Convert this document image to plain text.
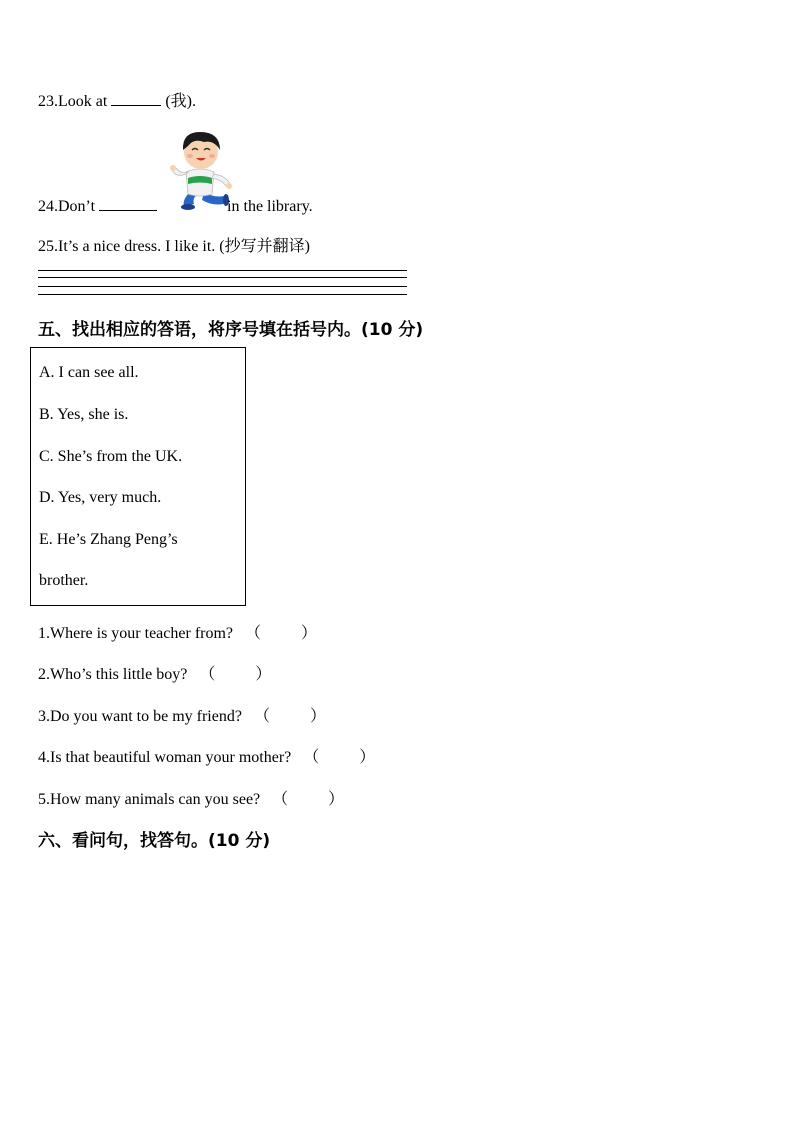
23.Look at	(我).
24.Don’t	in the library.
25.It’s a nice dress. I like it. (抄写并翻译)
五、找出相应的答语，将序号填在括号内。(10 分)
A. I can see all.
B. Yes, she is.
C. She’s from the UK.
D. Yes, very much.
E. He’s Zhang Peng’s
brother.
1.Where is your teacher from? （	）
2.Who’s this little boy? （	）
3.Do you want to be my friend? （	）
4.Is that beautiful woman your mother? （	）
5.How many animals can you see? （	）
六、看问句，找答句。(10 分)
